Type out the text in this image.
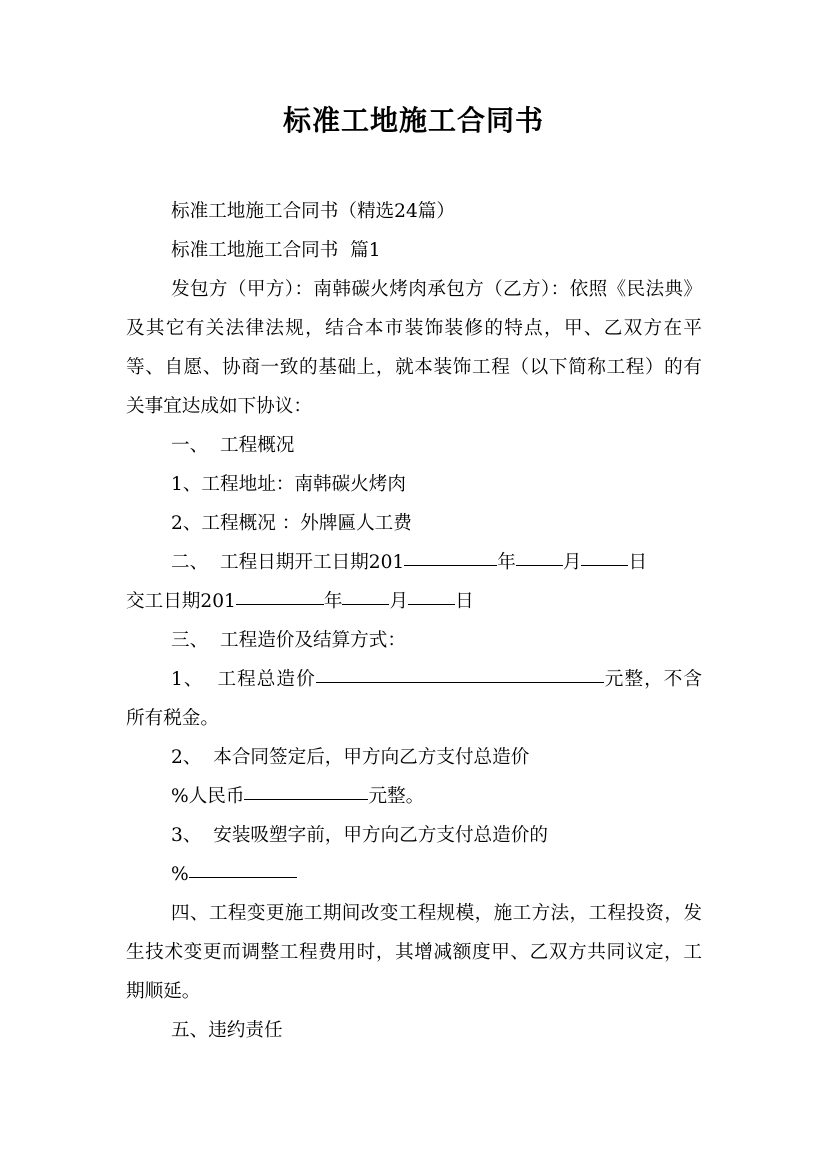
标准工地施工合同书

标准工地施工合同书（精选24篇）

标准工地施工合同书  篇1

发包方（甲方）：南韩碳火烤肉承包方（乙方）：依照《民法典》及其它有关法律法规，结合本市装饰装修的特点，甲、乙双方在平等、自愿、协商一致的基础上，就本装饰工程（以下简称工程）的有关事宜达成如下协议：

一、  工程概况

1、工程地址：南韩碳火烤肉

2、工程概况 ：外牌匾人工费

二、  工程日期开工日期201	年	月	日

交工日期201	年	月	日

三、  工程造价及结算方式：

1、  工程总造价	元整，不含所有税金。

2、  本合同签定后，甲方向乙方支付总造价

%人民币	元整。

3、  安装吸塑字前，甲方向乙方支付总造价的

%

四、工程变更施工期间改变工程规模，施工方法，工程投资，发生技术变更而调整工程费用时，其增减额度甲、乙双方共同议定，工期顺延。

五、违约责任
